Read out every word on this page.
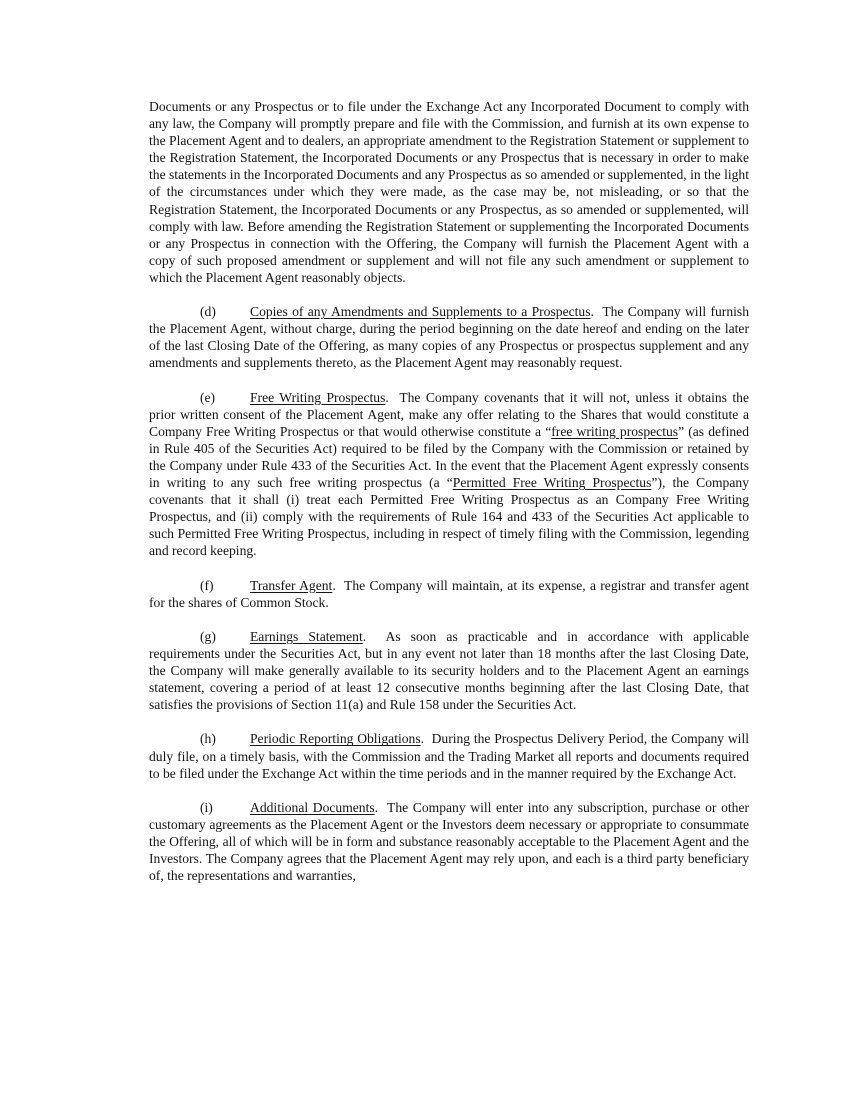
Documents or any Prospectus or to file under the Exchange Act any Incorporated Document to comply with any law, the Company will promptly prepare and file with the Commission, and furnish at its own expense to the Placement Agent and to dealers, an appropriate amendment to the Registration Statement or supplement to the Registration Statement, the Incorporated Documents or any Prospectus that is necessary in order to make the statements in the Incorporated Documents and any Prospectus as so amended or supplemented, in the light of the circumstances under which they were made, as the case may be, not misleading, or so that the Registration Statement, the Incorporated Documents or any Prospectus, as so amended or supplemented, will comply with law. Before amending the Registration Statement or supplementing the Incorporated Documents or any Prospectus in connection with the Offering, the Company will furnish the Placement Agent with a copy of such proposed amendment or supplement and will not file any such amendment or supplement to which the Placement Agent reasonably objects.

(d)	Copies of any Amendments and Supplements to a Prospectus.  The Company will furnish the Placement Agent, without charge, during the period beginning on the date hereof and ending on the later of the last Closing Date of the Offering, as many copies of any Prospectus or prospectus supplement and any amendments and supplements thereto, as the Placement Agent may reasonably request.

(e)	Free Writing Prospectus.  The Company covenants that it will not, unless it obtains the prior written consent of the Placement Agent, make any offer relating to the Shares that would constitute a Company Free Writing Prospectus or that would otherwise constitute a “free writing prospectus” (as defined in Rule 405 of the Securities Act) required to be filed by the Company with the Commission or retained by the Company under Rule 433 of the Securities Act. In the event that the Placement Agent expressly consents in writing to any such free writing prospectus (a “Permitted Free Writing Prospectus”), the Company covenants that it shall (i) treat each Permitted Free Writing Prospectus as an Company Free Writing Prospectus, and (ii) comply with the requirements of Rule 164 and 433 of the Securities Act applicable to such Permitted Free Writing Prospectus, including in respect of timely filing with the Commission, legending and record keeping.

(f)	Transfer Agent.  The Company will maintain, at its expense, a registrar and transfer agent for the shares of Common Stock.

(g)	Earnings Statement.  As soon as practicable and in accordance with applicable requirements under the Securities Act, but in any event not later than 18 months after the last Closing Date, the Company will make generally available to its security holders and to the Placement Agent an earnings statement, covering a period of at least 12 consecutive months beginning after the last Closing Date, that satisfies the provisions of Section 11(a) and Rule 158 under the Securities Act.

(h)	Periodic Reporting Obligations.  During the Prospectus Delivery Period, the Company will duly file, on a timely basis, with the Commission and the Trading Market all reports and documents required to be filed under the Exchange Act within the time periods and in the manner required by the Exchange Act.

(i)	Additional Documents.  The Company will enter into any subscription, purchase or other customary agreements as the Placement Agent or the Investors deem necessary or appropriate to consummate the Offering, all of which will be in form and substance reasonably acceptable to the Placement Agent and the Investors. The Company agrees that the Placement Agent may rely upon, and each is a third party beneficiary of, the representations and warranties,
